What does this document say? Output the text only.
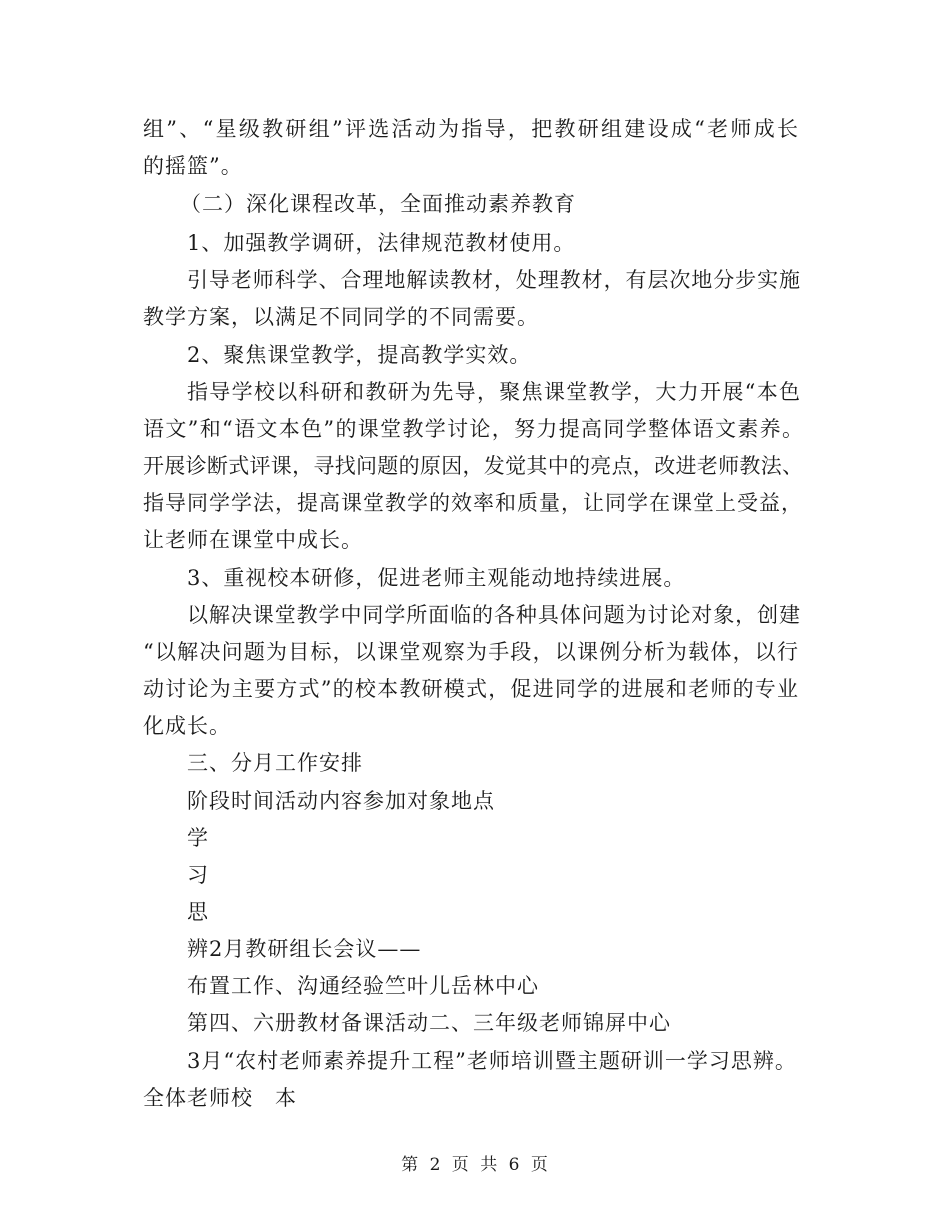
组”、“星级教研组”评选活动为指导，把教研组建设成“老师成长
的摇篮”。
（二）深化课程改革，全面推动素养教育
1、加强教学调研，法律规范教材使用。
引导老师科学、合理地解读教材，处理教材，有层次地分步实施
教学方案，以满足不同同学的不同需要。
2、聚焦课堂教学，提高教学实效。
指导学校以科研和教研为先导，聚焦课堂教学，大力开展“本色
语文”和“语文本色”的课堂教学讨论，努力提高同学整体语文素养。
开展诊断式评课，寻找问题的原因，发觉其中的亮点，改进老师教法、
指导同学学法，提高课堂教学的效率和质量，让同学在课堂上受益，
让老师在课堂中成长。
3、重视校本研修，促进老师主观能动地持续进展。
以解决课堂教学中同学所面临的各种具体问题为讨论对象，创建
“以解决问题为目标，以课堂观察为手段，以课例分析为载体，以行
动讨论为主要方式”的校本教研模式，促进同学的进展和老师的专业
化成长。
三、分月工作安排
阶段时间活动内容参加对象地点
学
习
思
辨2月教研组长会议——
布置工作、沟通经验竺叶儿岳林中心
第四、六册教材备课活动二、三年级老师锦屏中心
3月“农村老师素养提升工程”老师培训暨主题研训一学习思辨。
全体老师校　本
第 2 页 共 6 页
